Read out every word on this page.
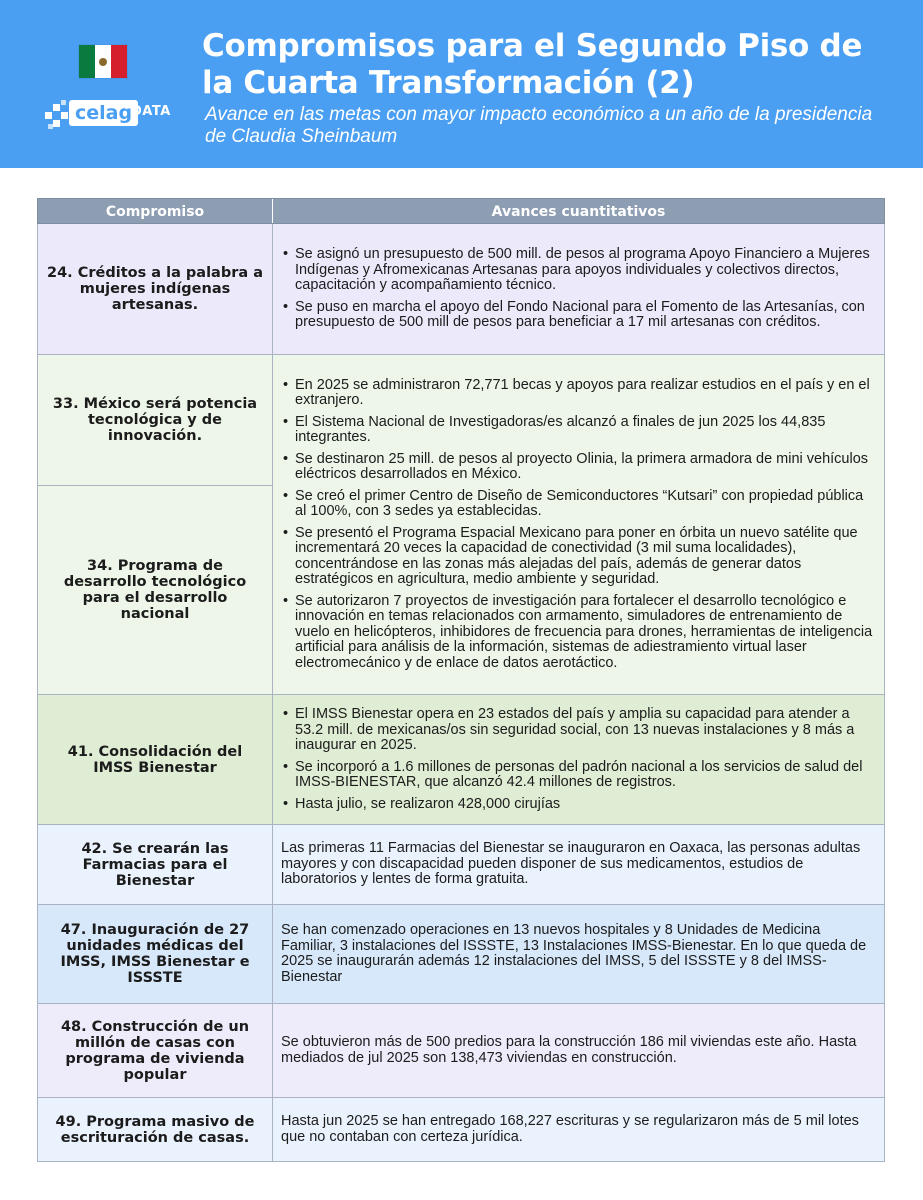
celag
DATA
Compromisos para el Segundo Piso de la Cuarta Transformación (2)

Avance en las metas con mayor impacto económico a un año de la presidencia de Claudia Sheinbaum

Compromiso	Avances cuantitativos
24. Créditos a la palabra a mujeres indígenas artesanas.
• Se asignó un presupuesto de 500 mill. de pesos al programa Apoyo Financiero a Mujeres Indígenas y Afromexicanas Artesanas para apoyos individuales y colectivos directos, capacitación y acompañamiento técnico.
• Se puso en marcha el apoyo del Fondo Nacional para el Fomento de las Artesanías, con presupuesto de 500 mill de pesos para beneficiar a 17 mil artesanas con créditos.
33. México será potencia tecnológica y de innovación.
34. Programa de desarrollo tecnológico para el desarrollo nacional
• En 2025 se administraron 72,771 becas y apoyos para realizar estudios en el país y en el extranjero.
• El Sistema Nacional de Investigadoras/es alcanzó a finales de jun 2025 los 44,835 integrantes.
• Se destinaron 25 mill. de pesos al proyecto Olinia, la primera armadora de mini vehículos eléctricos desarrollados en México.
• Se creó el primer Centro de Diseño de Semiconductores “Kutsari” con propiedad pública al 100%, con 3 sedes ya establecidas.
• Se presentó el Programa Espacial Mexicano para poner en órbita un nuevo satélite que incrementará 20 veces la capacidad de conectividad (3 mil suma localidades), concentrándose en las zonas más alejadas del país, además de generar datos estratégicos en agricultura, medio ambiente y seguridad.
• Se autorizaron 7 proyectos de investigación para fortalecer el desarrollo tecnológico e innovación en temas relacionados con armamento, simuladores de entrenamiento de vuelo en helicópteros, inhibidores de frecuencia para drones, herramientas de inteligencia artificial para análisis de la información, sistemas de adiestramiento virtual laser electromecánico y de enlace de datos aerotáctico.
41. Consolidación del IMSS Bienestar
• El IMSS Bienestar opera en 23 estados del país y amplia su capacidad para atender a 53.2 mill. de mexicanas/os sin seguridad social, con 13 nuevas instalaciones y 8 más a inaugurar en 2025.
• Se incorporó a 1.6 millones de personas del padrón nacional a los servicios de salud del IMSS-BIENESTAR, que alcanzó 42.4 millones de registros.
• Hasta julio, se realizaron 428,000 cirujías
42. Se crearán las Farmacias para el Bienestar
Las primeras 11 Farmacias del Bienestar se inauguraron en Oaxaca, las personas adultas mayores y con discapacidad pueden disponer de sus medicamentos, estudios de laboratorios y lentes de forma gratuita.
47. Inauguración de 27 unidades médicas del IMSS, IMSS Bienestar e ISSSTE
Se han comenzado operaciones en 13 nuevos hospitales y 8 Unidades de Medicina Familiar, 3 instalaciones del ISSSTE, 13 Instalaciones IMSS-Bienestar. En lo que queda de 2025 se inaugurarán además 12 instalaciones del IMSS, 5 del ISSSTE y 8 del IMSS-Bienestar
48. Construcción de un millón de casas con programa de vivienda popular
Se obtuvieron más de 500 predios para la construcción 186 mil viviendas este año. Hasta mediados de jul 2025 son 138,473 viviendas en construcción.
49. Programa masivo de escrituración de casas.
Hasta jun 2025 se han entregado 168,227 escrituras y se regularizaron más de 5 mil lotes que no contaban con certeza jurídica.
